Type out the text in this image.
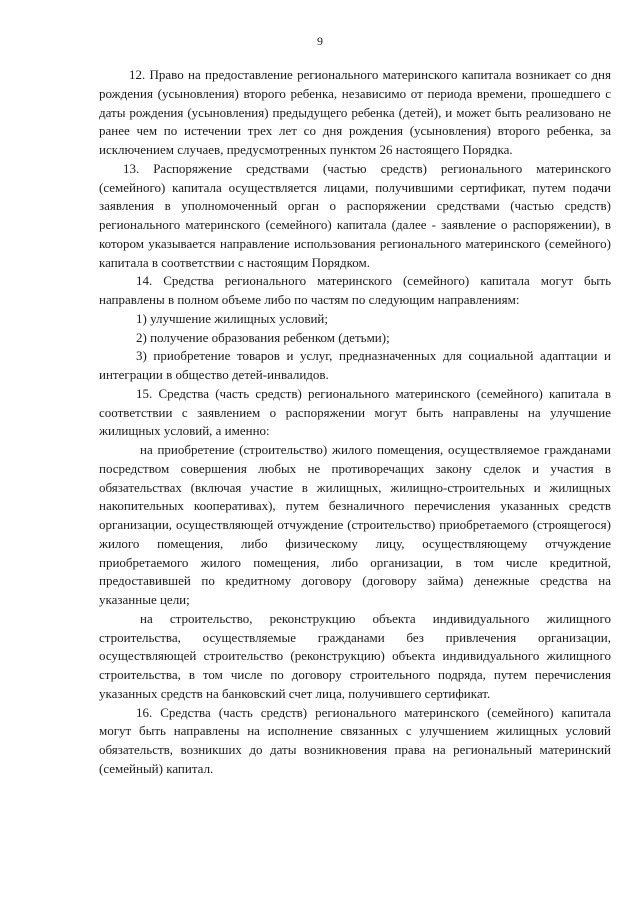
9

12. Право на предоставление регионального материнского капитала возникает со дня рождения (усыновления) второго ребенка, независимо от периода времени, прошедшего с даты рождения (усыновления) предыдущего ребенка (детей), и может быть реализовано не ранее чем по истечении трех лет со дня рождения (усыновления) второго ребенка, за исключением случаев, предусмотренных пунктом 26 настоящего Порядка.

13. Распоряжение средствами (частью средств) регионального материнского (семейного) капитала осуществляется лицами, получившими сертификат, путем подачи заявления в уполномоченный орган о распоряжении средствами (частью средств) регионального материнского (семейного) капитала (далее - заявление о распоряжении), в котором указывается направление использования регионального материнского (семейного) капитала в соответствии с настоящим Порядком.

14. Средства регионального материнского (семейного) капитала могут быть направлены в полном объеме либо по частям по следующим направлениям:

1) улучшение жилищных условий;

2) получение образования ребенком (детьми);

3) приобретение товаров и услуг, предназначенных для социальной адаптации и интеграции в общество детей-инвалидов.

15. Средства (часть средств) регионального материнского (семейного) капитала в соответствии с заявлением о распоряжении могут быть направлены на улучшение жилищных условий, а именно:

на приобретение (строительство) жилого помещения, осуществляемое гражданами посредством совершения любых не противоречащих закону сделок и участия в обязательствах (включая участие в жилищных, жилищно-строительных и жилищных накопительных кооперативах), путем безналичного перечисления указанных средств организации, осуществляющей отчуждение (строительство) приобретаемого (строящегося) жилого помещения, либо физическому лицу, осуществляющему отчуждение приобретаемого жилого помещения, либо организации, в том числе кредитной, предоставившей по кредитному договору (договору займа) денежные средства на указанные цели;

на строительство, реконструкцию объекта индивидуального жилищного строительства, осуществляемые гражданами без привлечения организации, осуществляющей строительство (реконструкцию) объекта индивидуального жилищного строительства, в том числе по договору строительного подряда, путем перечисления указанных средств на банковский счет лица, получившего сертификат.

16. Средства (часть средств) регионального материнского (семейного) капитала могут быть направлены на исполнение связанных с улучшением жилищных условий обязательств, возникших до даты возникновения права на региональный материнский (семейный) капитал.
